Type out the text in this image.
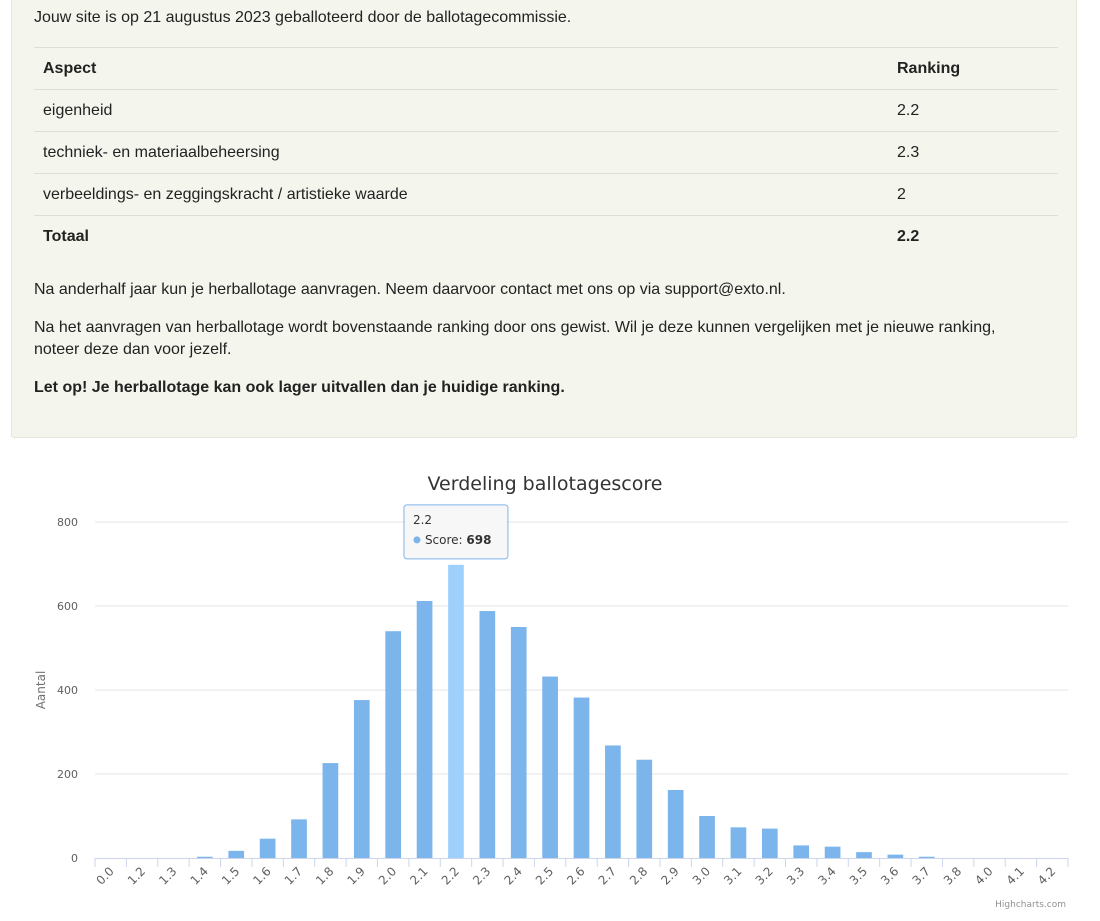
Jouw site is op 21 augustus 2023 geballoteerd door de ballotagecommissie.

Aspect	Ranking
eigenheid	2.2
techniek- en materiaalbeheersing	2.3
verbeeldings- en zeggingskracht / artistieke waarde	2
Totaal	2.2

Na anderhalf jaar kun je herballotage aanvragen. Neem daarvoor contact met ons op via support@exto.nl.

Na het aanvragen van herballotage wordt bovenstaande ranking door ons gewist. Wil je deze kunnen vergelijken met je nieuwe ranking, noteer deze dan voor jezelf.

Let op! Je herballotage kan ook lager uitvallen dan je huidige ranking.

Verdeling ballotagescore
0
200
400
600
800
Aantal
0.0 1.2 1.3 1.4 1.5 1.6 1.7 1.8 1.9 2.0 2.1 2.2 2.3 2.4 2.5 2.6 2.7 2.8 2.9 3.0 3.1 3.2 3.3 3.4 3.5 3.6 3.7 3.8 4.0 4.1 4.2
2.2
Score: 698
Highcharts.com
